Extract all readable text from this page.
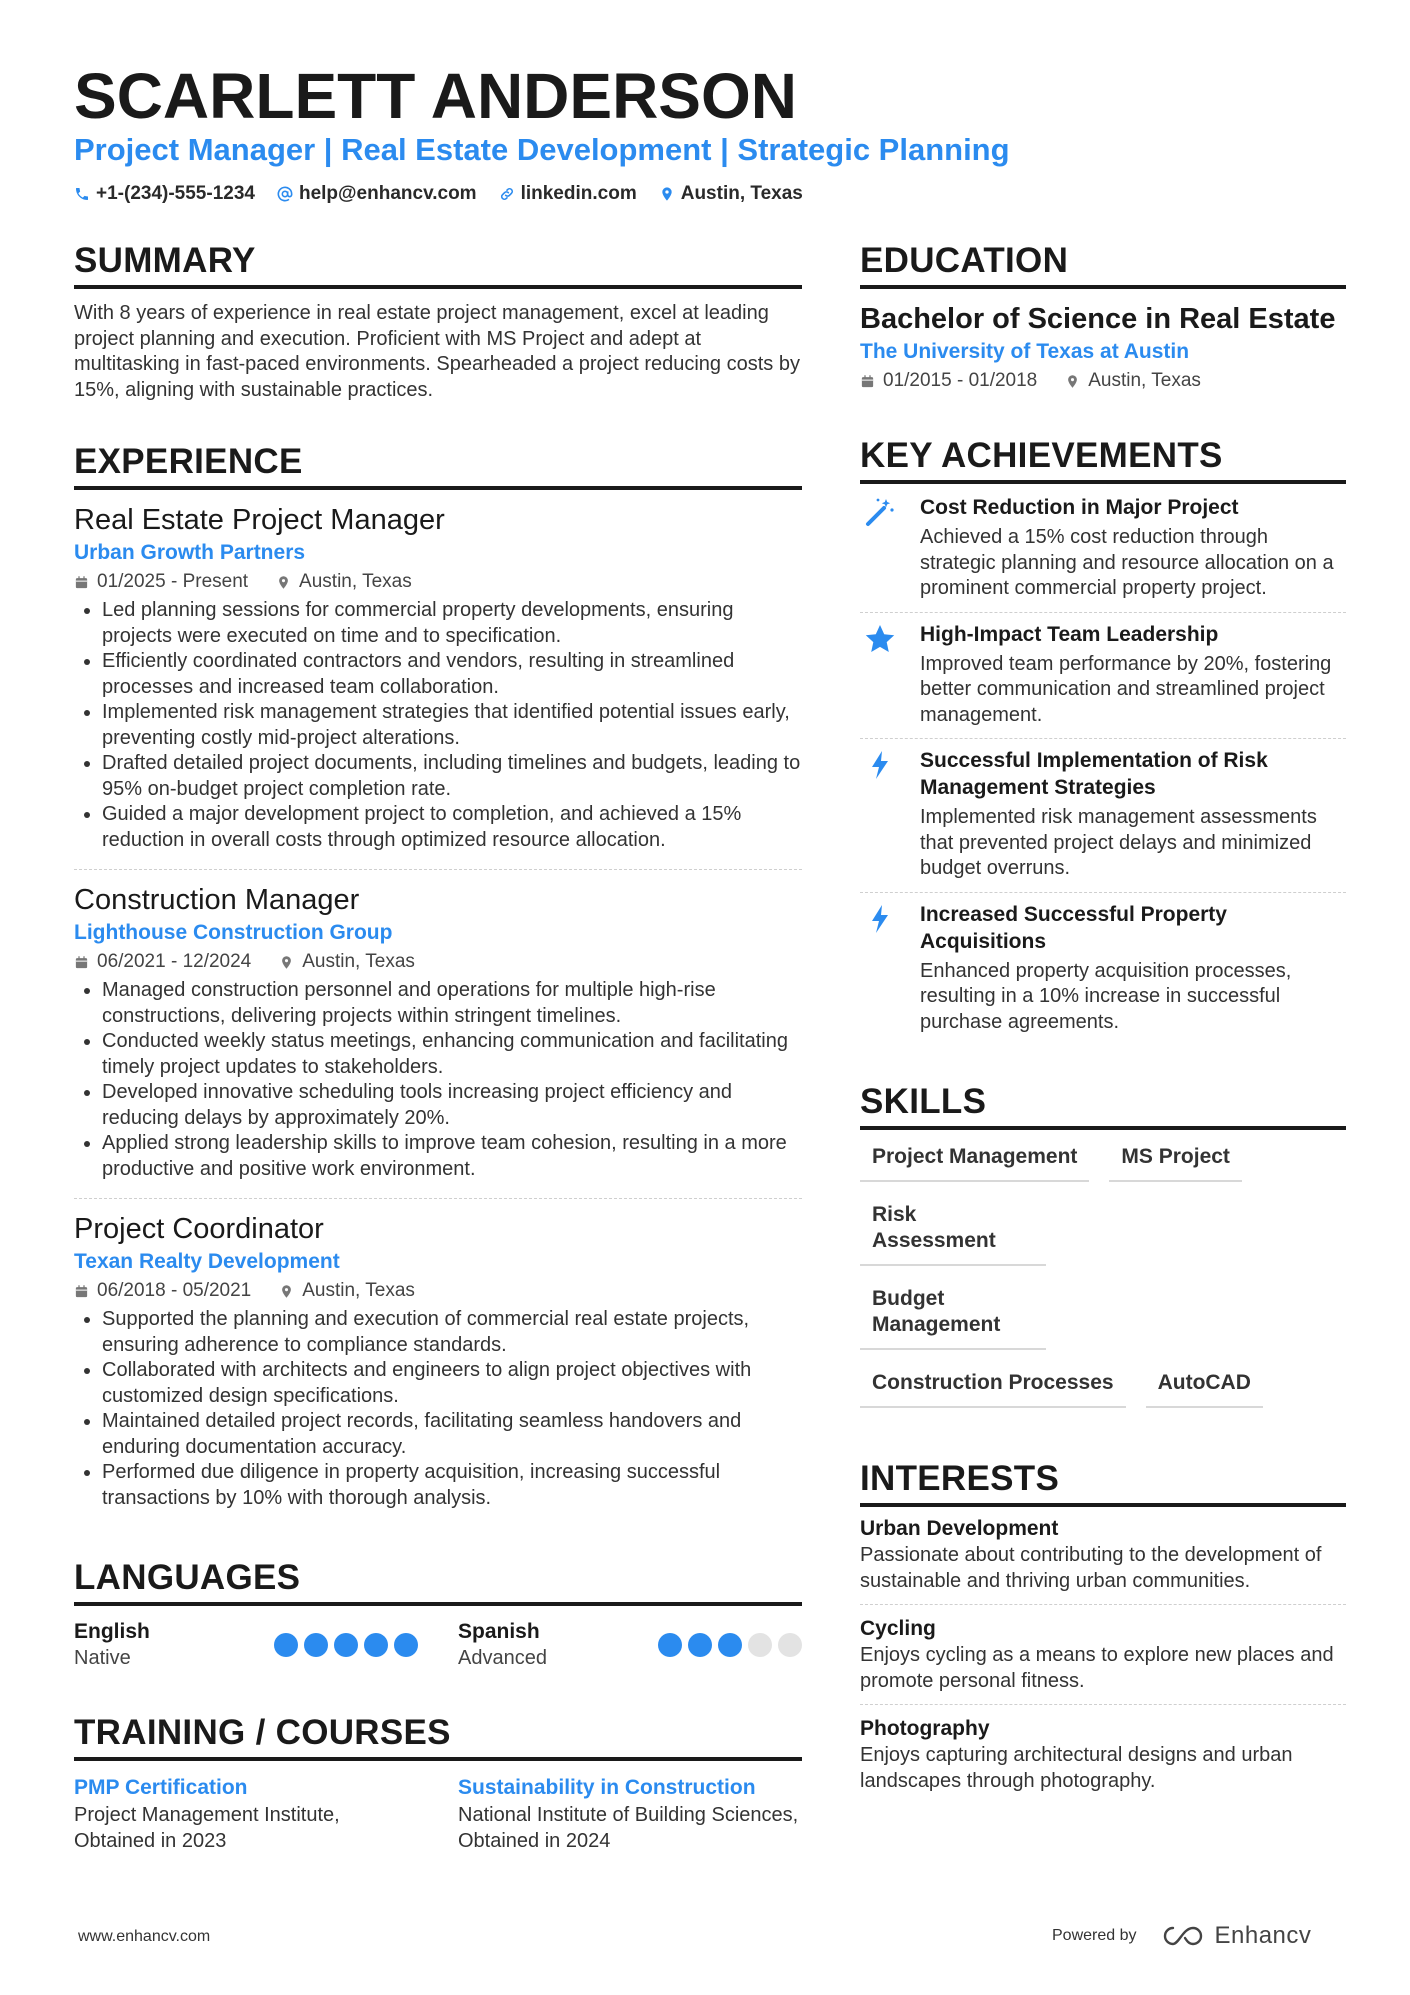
SCARLETT ANDERSON
Project Manager | Real Estate Development | Strategic Planning
+1-(234)-555-1234 help@enhancv.com linkedin.com Austin, Texas
SUMMARY

With 8 years of experience in real estate project management, excel at leading project planning and execution. Proficient with MS Project and adept at multitasking in fast-paced environments. Spearheaded a project reducing costs by 15%, aligning with sustainable practices.

EXPERIENCE
Real Estate Project Manager
Urban Growth Partners
01/2025 - Present	Austin, Texas
• Led planning sessions for commercial property developments, ensuring projects were executed on time and to specification.
• Efficiently coordinated contractors and vendors, resulting in streamlined processes and increased team collaboration.
• Implemented risk management strategies that identified potential issues early, preventing costly mid-project alterations.
• Drafted detailed project documents, including timelines and budgets, leading to 95% on-budget project completion rate.
• Guided a major development project to completion, and achieved a 15% reduction in overall costs through optimized resource allocation.
Construction Manager
Lighthouse Construction Group
06/2021 - 12/2024	Austin, Texas
• Managed construction personnel and operations for multiple high-rise constructions, delivering projects within stringent timelines.
• Conducted weekly status meetings, enhancing communication and facilitating timely project updates to stakeholders.
• Developed innovative scheduling tools increasing project efficiency and reducing delays by approximately 20%.
• Applied strong leadership skills to improve team cohesion, resulting in a more productive and positive work environment.
Project Coordinator
Texan Realty Development
06/2018 - 05/2021	Austin, Texas
• Supported the planning and execution of commercial real estate projects, ensuring adherence to compliance standards.
• Collaborated with architects and engineers to align project objectives with customized design specifications.
• Maintained detailed project records, facilitating seamless handovers and enduring documentation accuracy.
• Performed due diligence in property acquisition, increasing successful transactions by 10% with thorough analysis.
LANGUAGES
English
Native
Spanish
Advanced
TRAINING / COURSES
PMP Certification
Project Management Institute, Obtained in 2023
Sustainability in Construction
National Institute of Building Sciences, Obtained in 2024
EDUCATION
Bachelor of Science in Real Estate
The University of Texas at Austin
01/2015 - 01/2018	Austin, Texas
KEY ACHIEVEMENTS
Cost Reduction in Major Project
Achieved a 15% cost reduction through strategic planning and resource allocation on a prominent commercial property project.
High-Impact Team Leadership
Improved team performance by 20%, fostering better communication and streamlined project management.
Successful Implementation of Risk Management Strategies
Implemented risk management assessments that prevented project delays and minimized budget overruns.
Increased Successful Property Acquisitions
Enhanced property acquisition processes, resulting in a 10% increase in successful purchase agreements.
SKILLS
Project Management	MS Project
Risk Assessment
Budget Management
Construction Processes	AutoCAD
INTERESTS
Urban Development
Passionate about contributing to the development of sustainable and thriving urban communities.
Cycling
Enjoys cycling as a means to explore new places and promote personal fitness.
Photography
Enjoys capturing architectural designs and urban landscapes through photography.
www.enhancv.com	Powered by	Enhancv
